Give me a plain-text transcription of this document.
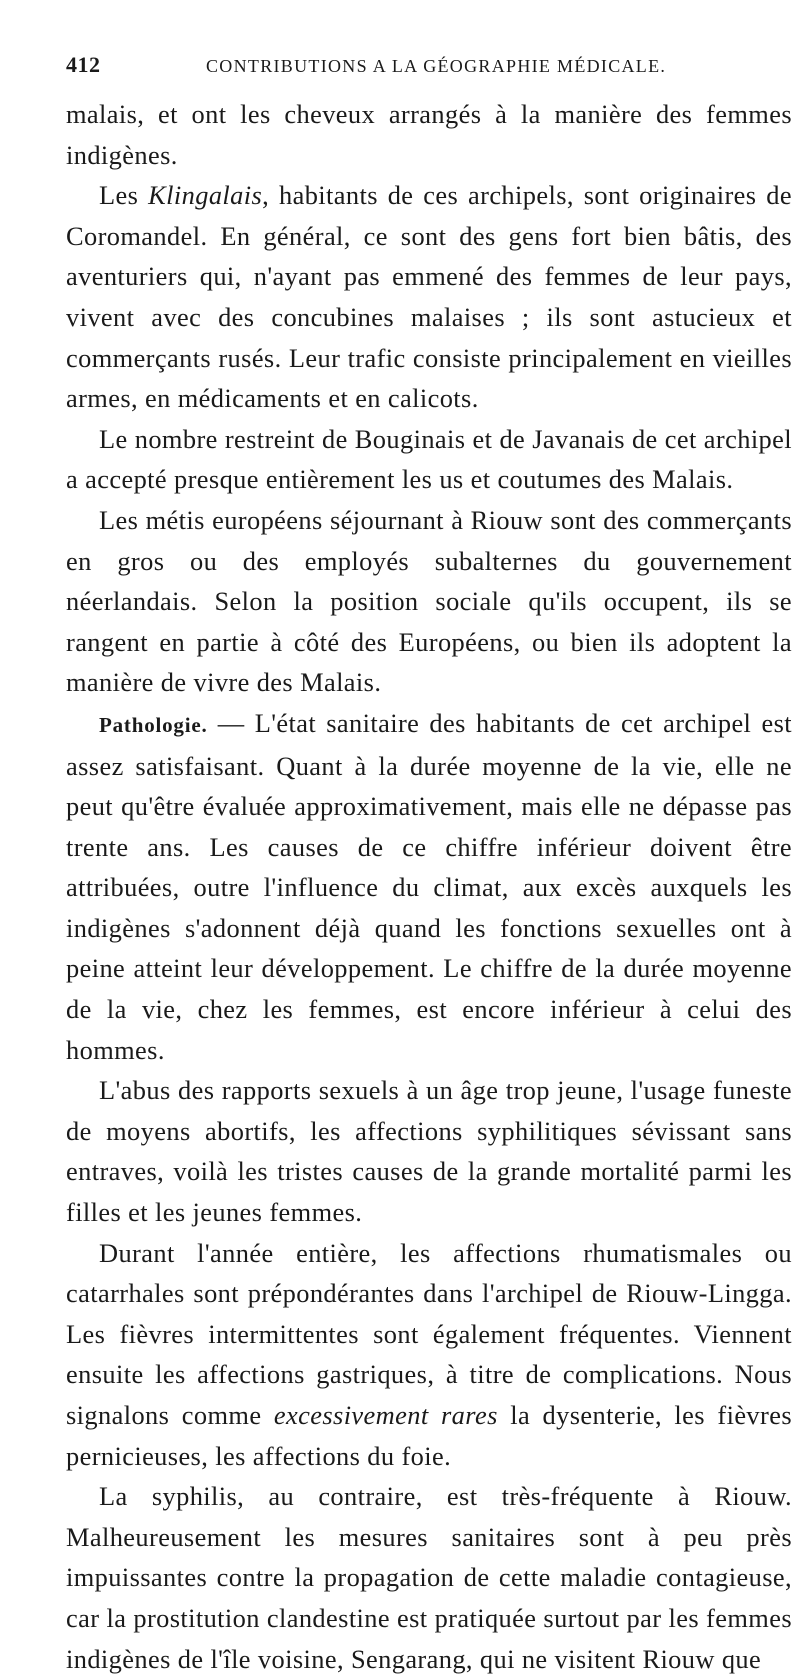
412	CONTRIBUTIONS A LA GÉOGRAPHIE MÉDICALE.

malais, et ont les cheveux arrangés à la manière des femmes indigènes.

Les Klingalais, habitants de ces archipels, sont originaires de Coromandel. En général, ce sont des gens fort bien bâtis, des aventuriers qui, n'ayant pas emmené des femmes de leur pays, vivent avec des concubines malaises ; ils sont astucieux et commerçants rusés. Leur trafic consiste principalement en vieilles armes, en médicaments et en calicots.

Le nombre restreint de Bouginais et de Javanais de cet archipel a accepté presque entièrement les us et coutumes des Malais.

Les métis européens séjournant à Riouw sont des commerçants en gros ou des employés subalternes du gouvernement néerlandais. Selon la position sociale qu'ils occupent, ils se rangent en partie à côté des Européens, ou bien ils adoptent la manière de vivre des Malais.

Pathologie. — L'état sanitaire des habitants de cet archipel est assez satisfaisant. Quant à la durée moyenne de la vie, elle ne peut qu'être évaluée approximativement, mais elle ne dépasse pas trente ans. Les causes de ce chiffre inférieur doivent être attribuées, outre l'influence du climat, aux excès auxquels les indigènes s'adonnent déjà quand les fonctions sexuelles ont à peine atteint leur développement. Le chiffre de la durée moyenne de la vie, chez les femmes, est encore inférieur à celui des hommes.

L'abus des rapports sexuels à un âge trop jeune, l'usage funeste de moyens abortifs, les affections syphilitiques sévissant sans entraves, voilà les tristes causes de la grande mortalité parmi les filles et les jeunes femmes.

Durant l'année entière, les affections rhumatismales ou catarrhales sont prépondérantes dans l'archipel de Riouw-Lingga. Les fièvres intermittentes sont également fréquentes. Viennent ensuite les affections gastriques, à titre de complications. Nous signalons comme excessivement rares la dysenterie, les fièvres pernicieuses, les affections du foie.

La syphilis, au contraire, est très-fréquente à Riouw. Malheureusement les mesures sanitaires sont à peu près impuissantes contre la propagation de cette maladie contagieuse, car la prostitution clandestine est pratiquée surtout par les femmes indigènes de l'île voisine, Sengarang, qui ne visitent Riouw que
